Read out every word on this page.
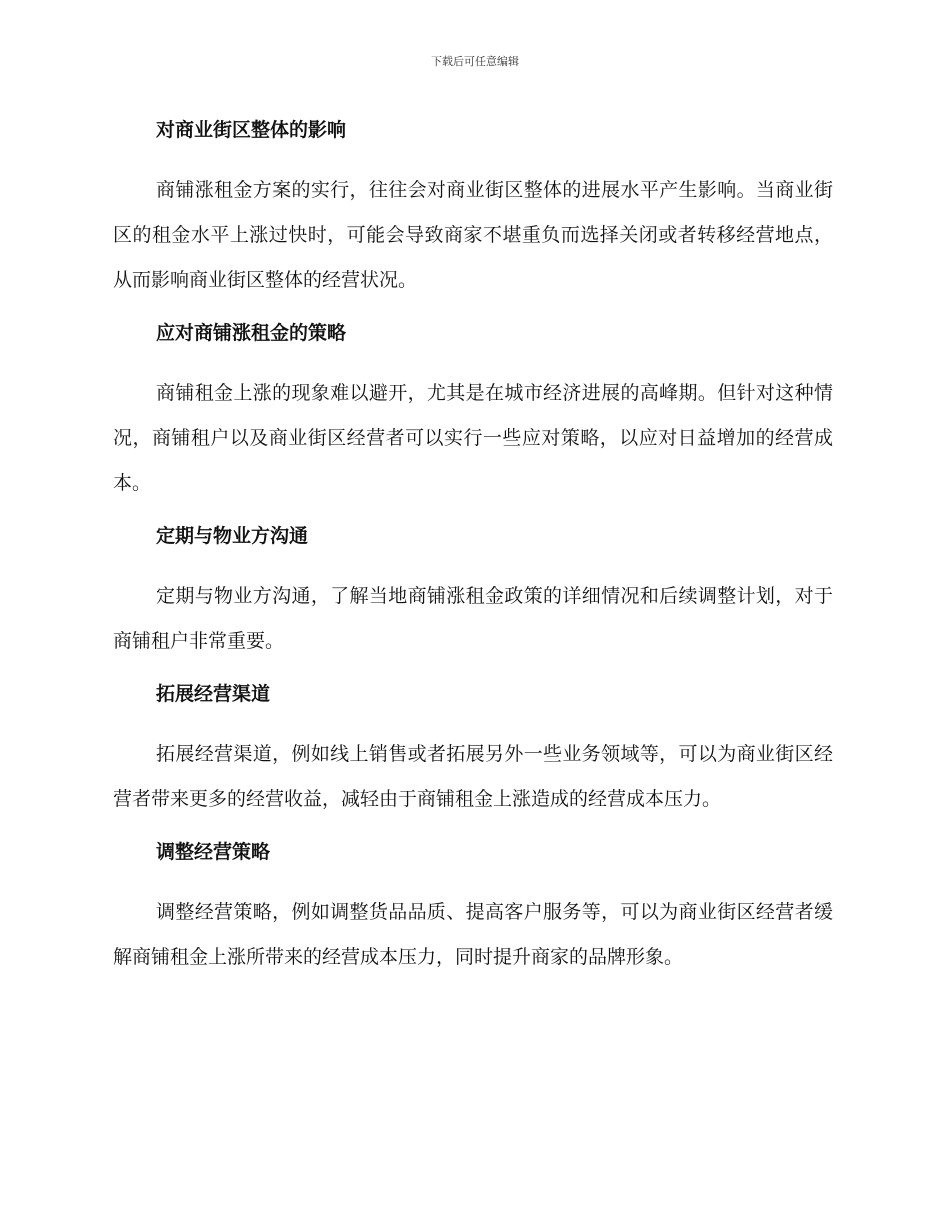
下载后可任意编辑
对商业街区整体的影响

商铺涨租金方案的实行，往往会对商业街区整体的进展水平产生影响。当商业街区的租金水平上涨过快时，可能会导致商家不堪重负而选择关闭或者转移经营地点，从而影响商业街区整体的经营状况。

应对商铺涨租金的策略

商铺租金上涨的现象难以避开，尤其是在城市经济进展的高峰期。但针对这种情况，商铺租户以及商业街区经营者可以实行一些应对策略，以应对日益增加的经营成本。

定期与物业方沟通

定期与物业方沟通，了解当地商铺涨租金政策的详细情况和后续调整计划，对于商铺租户非常重要。

拓展经营渠道

拓展经营渠道，例如线上销售或者拓展另外一些业务领域等，可以为商业街区经营者带来更多的经营收益，减轻由于商铺租金上涨造成的经营成本压力。

调整经营策略

调整经营策略，例如调整货品品质、提高客户服务等，可以为商业街区经营者缓解商铺租金上涨所带来的经营成本压力，同时提升商家的品牌形象。
